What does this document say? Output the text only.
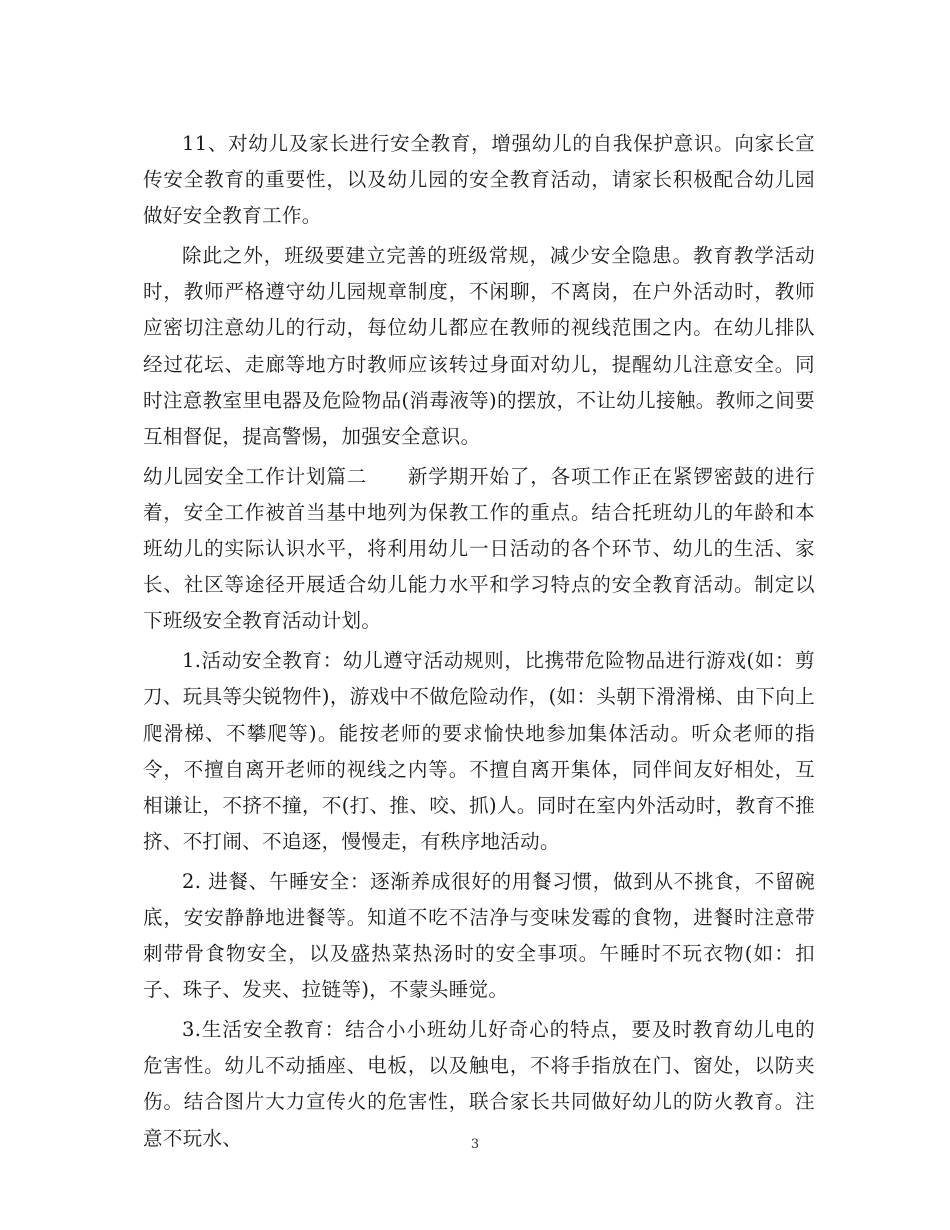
11、对幼儿及家长进行安全教育，增强幼儿的自我保护意识。向家长宣传安全教育的重要性，以及幼儿园的安全教育活动，请家长积极配合幼儿园做好安全教育工作。

除此之外，班级要建立完善的班级常规，减少安全隐患。教育教学活动时，教师严格遵守幼儿园规章制度，不闲聊，不离岗，在户外活动时，教师应密切注意幼儿的行动，每位幼儿都应在教师的视线范围之内。在幼儿排队经过花坛、走廊等地方时教师应该转过身面对幼儿，提醒幼儿注意安全。同时注意教室里电器及危险物品(消毒液等)的摆放，不让幼儿接触。教师之间要互相督促，提高警惕，加强安全意识。

幼儿园安全工作计划篇二　　新学期开始了，各项工作正在紧锣密鼓的进行着，安全工作被首当基中地列为保教工作的重点。结合托班幼儿的年龄和本班幼儿的实际认识水平，将利用幼儿一日活动的各个环节、幼儿的生活、家长、社区等途径开展适合幼儿能力水平和学习特点的安全教育活动。制定以下班级安全教育活动计划。

1.活动安全教育：幼儿遵守活动规则，比携带危险物品进行游戏(如：剪刀、玩具等尖锐物件)，游戏中不做危险动作，(如：头朝下滑滑梯、由下向上爬滑梯、不攀爬等)。能按老师的要求愉快地参加集体活动。听众老师的指令，不擅自离开老师的视线之内等。不擅自离开集体，同伴间友好相处，互相谦让，不挤不撞，不(打、推、咬、抓)人。同时在室内外活动时，教育不推挤、不打闹、不追逐，慢慢走，有秩序地活动。

2. 进餐、午睡安全：逐渐养成很好的用餐习惯，做到从不挑食，不留碗底，安安静静地进餐等。知道不吃不洁净与变味发霉的食物，进餐时注意带刺带骨食物安全，以及盛热菜热汤时的安全事项。午睡时不玩衣物(如：扣子、珠子、发夹、拉链等)，不蒙头睡觉。

3.生活安全教育：结合小小班幼儿好奇心的特点，要及时教育幼儿电的危害性。幼儿不动插座、电板，以及触电，不将手指放在门、窗处，以防夹伤。结合图片大力宣传火的危害性，联合家长共同做好幼儿的防火教育。注意不玩水、	3
